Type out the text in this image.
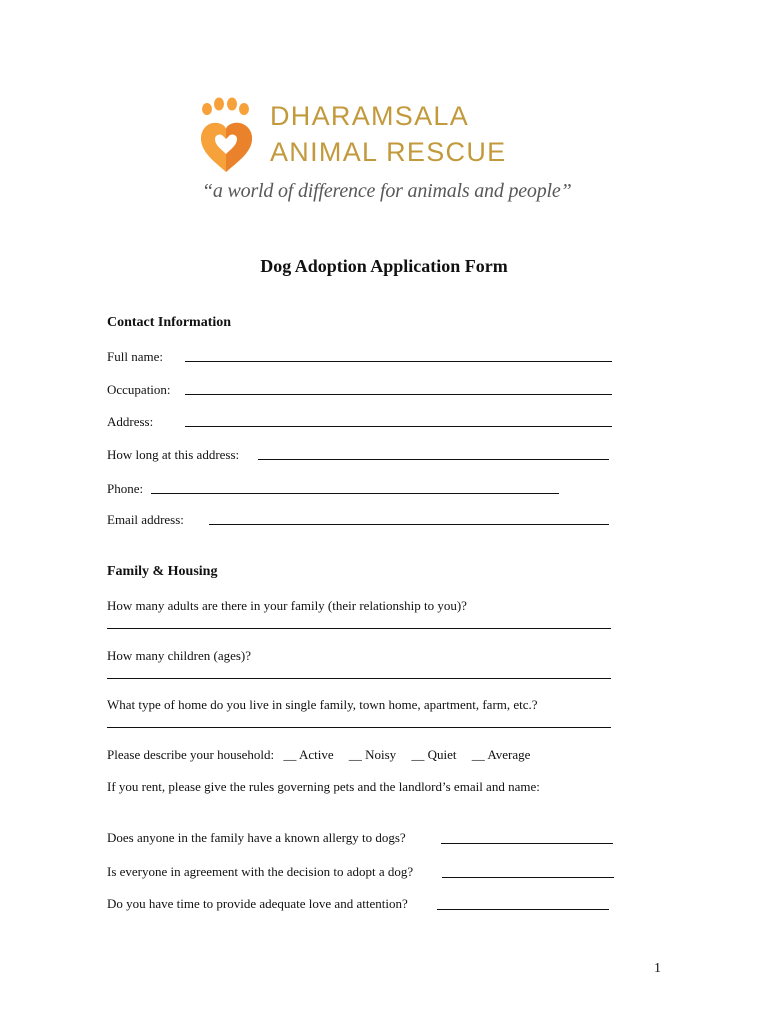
DHARAMSALA
ANIMAL RESCUE
“a world of difference for animals and people”
Dog Adoption Application Form
Contact Information
Full name:
Occupation:
Address:
How long at this address:
Phone:
Email address:
Family & Housing
How many adults are there in your family (their relationship to you)?
How many children (ages)?
What type of home do you live in single family, town home, apartment, farm, etc.?
Please describe your household: __ Active __ Noisy __ Quiet __ Average
If you rent, please give the rules governing pets and the landlord’s email and name:
Does anyone in the family have a known allergy to dogs?
Is everyone in agreement with the decision to adopt a dog?
Do you have time to provide adequate love and attention?
1
